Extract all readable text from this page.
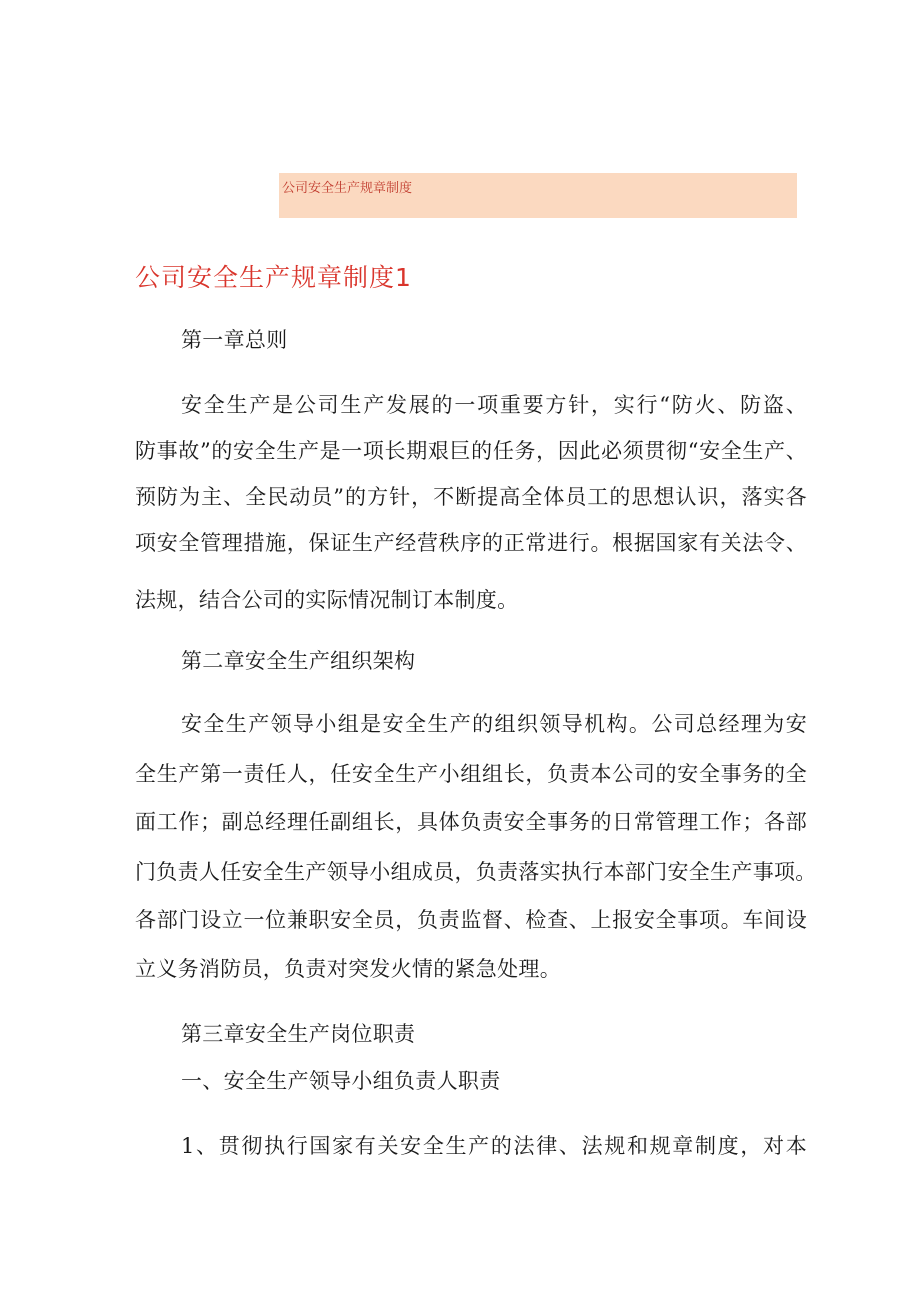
公司安全生产规章制度
公司安全生产规章制度1
第一章总则
安全生产是公司生产发展的一项重要方针，实行“防火、防盗、
防事故”的安全生产是一项长期艰巨的任务，因此必须贯彻“安全生产、
预防为主、全民动员”的方针，不断提高全体员工的思想认识，落实各
项安全管理措施，保证生产经营秩序的正常进行。根据国家有关法令、
法规，结合公司的实际情况制订本制度。
第二章安全生产组织架构
安全生产领导小组是安全生产的组织领导机构。公司总经理为安
全生产第一责任人，任安全生产小组组长，负责本公司的安全事务的全
面工作；副总经理任副组长，具体负责安全事务的日常管理工作；各部
门负责人任安全生产领导小组成员，负责落实执行本部门安全生产事项。
各部门设立一位兼职安全员，负责监督、检查、上报安全事项。车间设
立义务消防员，负责对突发火情的紧急处理。
第三章安全生产岗位职责
一、安全生产领导小组负责人职责
1、贯彻执行国家有关安全生产的法律、法规和规章制度，对本
